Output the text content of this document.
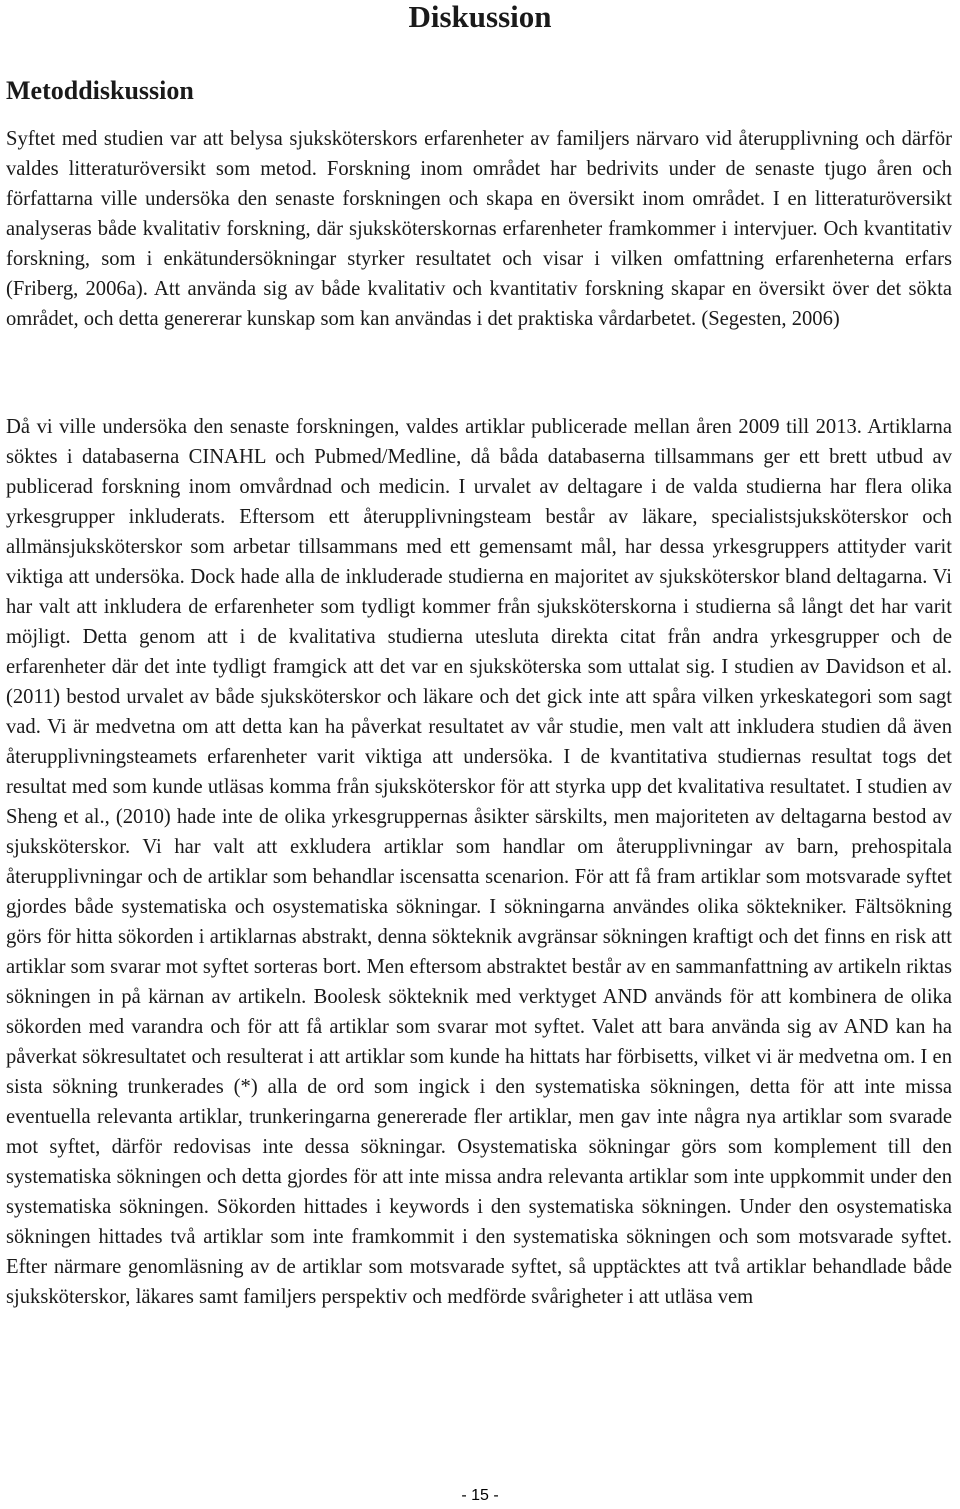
Diskussion
Metoddiskussion

Syftet med studien var att belysa sjuksköterskors erfarenheter av familjers närvaro vid återupplivning och därför valdes litteraturöversikt som metod. Forskning inom området har bedrivits under de senaste tjugo åren och författarna ville undersöka den senaste forskningen och skapa en översikt inom området. I en litteraturöversikt analyseras både kvalitativ forskning, där sjuksköterskornas erfarenheter framkommer i intervjuer. Och kvantitativ forskning, som i enkätundersökningar styrker resultatet och visar i vilken omfattning erfarenheterna erfars (Friberg, 2006a). Att använda sig av både kvalitativ och kvantitativ forskning skapar en översikt över det sökta området, och detta genererar kunskap som kan användas i det praktiska vårdarbetet. (Segesten, 2006)

Då vi ville undersöka den senaste forskningen, valdes artiklar publicerade mellan åren 2009 till 2013. Artiklarna söktes i databaserna CINAHL och Pubmed/Medline, då båda databaserna tillsammans ger ett brett utbud av publicerad forskning inom omvårdnad och medicin. I urvalet av deltagare i de valda studierna har flera olika yrkesgrupper inkluderats. Eftersom ett återupplivningsteam består av läkare, specialistsjuksköterskor och allmänsjuksköterskor som arbetar tillsammans med ett gemensamt mål, har dessa yrkesgruppers attityder varit viktiga att undersöka. Dock hade alla de inkluderade studierna en majoritet av sjuksköterskor bland deltagarna. Vi har valt att inkludera de erfarenheter som tydligt kommer från sjuksköterskorna i studierna så långt det har varit möjligt. Detta genom att i de kvalitativa studierna utesluta direkta citat från andra yrkesgrupper och de erfarenheter där det inte tydligt framgick att det var en sjuksköterska som uttalat sig. I studien av Davidson et al. (2011) bestod urvalet av både sjuksköterskor och läkare och det gick inte att spåra vilken yrkeskategori som sagt vad. Vi är medvetna om att detta kan ha påverkat resultatet av vår studie, men valt att inkludera studien då även återupplivningsteamets erfarenheter varit viktiga att undersöka. I de kvantitativa studiernas resultat togs det resultat med som kunde utläsas komma från sjuksköterskor för att styrka upp det kvalitativa resultatet. I studien av Sheng et al., (2010) hade inte de olika yrkesgruppernas åsikter särskilts, men majoriteten av deltagarna bestod av sjuksköterskor. Vi har valt att exkludera artiklar som handlar om återupplivningar av barn, prehospitala återupplivningar och de artiklar som behandlar iscensatta scenarion. För att få fram artiklar som motsvarade syftet gjordes både systematiska och osystematiska sökningar. I sökningarna användes olika söktekniker. Fältsökning görs för hitta sökorden i artiklarnas abstrakt, denna sökteknik avgränsar sökningen kraftigt och det finns en risk att artiklar som svarar mot syftet sorteras bort. Men eftersom abstraktet består av en sammanfattning av artikeln riktas sökningen in på kärnan av artikeln. Boolesk sökteknik med verktyget AND används för att kombinera de olika sökorden med varandra och för att få artiklar som svarar mot syftet. Valet att bara använda sig av AND kan ha påverkat sökresultatet och resulterat i att artiklar som kunde ha hittats har förbisetts, vilket vi är medvetna om. I en sista sökning trunkerades (*) alla de ord som ingick i den systematiska sökningen, detta för att inte missa eventuella relevanta artiklar, trunkeringarna genererade fler artiklar, men gav inte några nya artiklar som svarade mot syftet, därför redovisas inte dessa sökningar. Osystematiska sökningar görs som komplement till den systematiska sökningen och detta gjordes för att inte missa andra relevanta artiklar som inte uppkommit under den systematiska sökningen. Sökorden hittades i keywords i den systematiska sökningen. Under den osystematiska sökningen hittades två artiklar som inte framkommit i den systematiska sökningen och som motsvarade syftet. Efter närmare genomläsning av de artiklar som motsvarade syftet, så upptäcktes att två artiklar behandlade både sjuksköterskor, läkares samt familjers perspektiv och medförde svårigheter i att utläsa vem

- 15 -
